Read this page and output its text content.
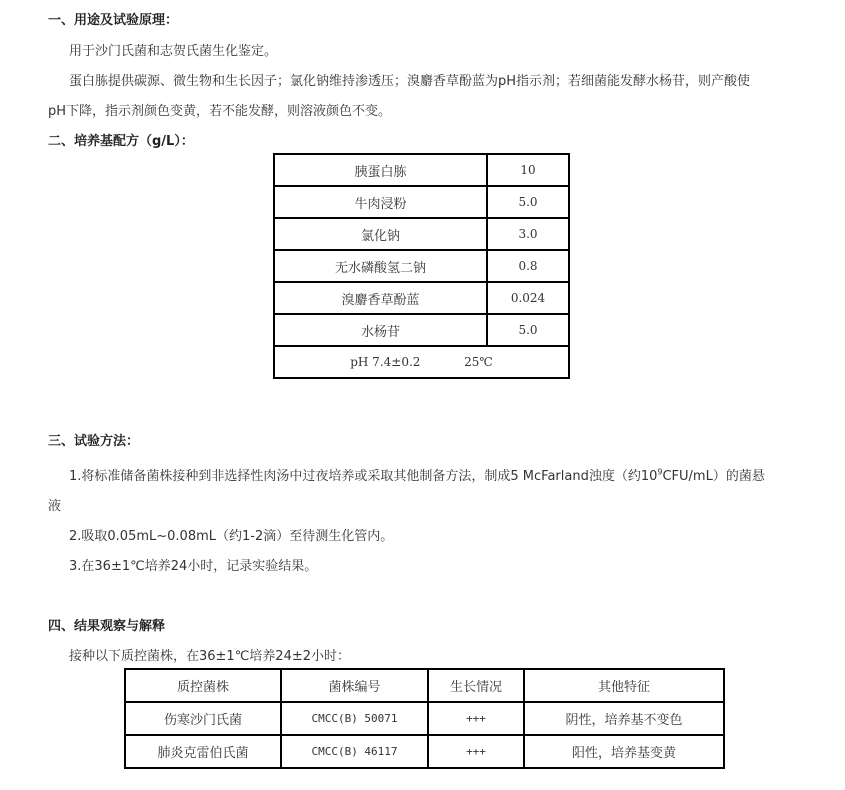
一、用途及试验原理：
用于沙门氏菌和志贺氏菌生化鉴定。
蛋白胨提供碳源、微生物和生长因子；氯化钠维持渗透压；溴麝香草酚蓝为pH指示剂；若细菌能发酵水杨苷，则产酸使
pH下降，指示剂颜色变黄，若不能发酵，则溶液颜色不变。
二、培养基配方（g/L）：
胰蛋白胨	10
牛肉浸粉	5.0
氯化钠	3.0
无水磷酸氢二钠	0.8
溴麝香草酚蓝	0.024
水杨苷	5.0
pH 7.4±0.2 25℃	
三、试验方法：
1.将标准储备菌株接种到非选择性肉汤中过夜培养或采取其他制备方法，制成5 McFarland浊度（约$10^9CFU/mL$）的菌悬
液
2.吸取0.05mL~0.08mL（约1-2滴）至待测生化管内。
3.在36±1℃培养24小时，记录实验结果。
四、结果观察与解释
接种以下质控菌株，在36±1℃培养24±2小时：
质控菌株	菌株编号	生长情况	其他特征
伤寒沙门氏菌	CMCC(B) 50071	+++	阴性，培养基不变色
肺炎克雷伯氏菌	CMCC(B) 46117	+++	阳性，培养基变黄
